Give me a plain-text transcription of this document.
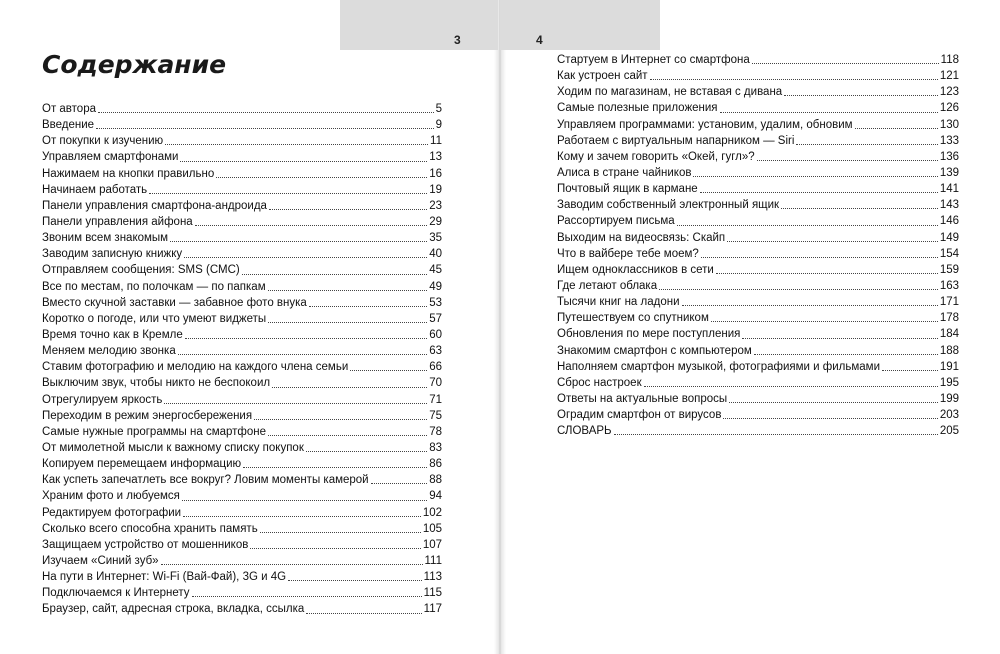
3	4
Содержание
От автора	5
Введение	9
От покупки к изучению	11
Управляем смартфонами	13
Нажимаем на кнопки правильно	16
Начинаем работать	19
Панели управления смартфона-андроида	23
Панели управления айфона	29
Звоним всем знакомым	35
Заводим записную книжку	40
Отправляем сообщения: SMS (СМС)	45
Все по местам, по полочкам — по папкам	49
Вместо скучной заставки — забавное фото внука	53
Коротко о погоде, или что умеют виджеты	57
Время точно как в Кремле	60
Меняем мелодию звонка	63
Ставим фотографию и мелодию на каждого члена семьи	66
Выключим звук, чтобы никто не беспокоил	70
Отрегулируем яркость	71
Переходим в режим энергосбережения	75
Самые нужные программы на смартфоне	78
От мимолетной мысли к важному списку покупок	83
Копируем перемещаем информацию	86
Как успеть запечатлеть все вокруг? Ловим моменты камерой	88
Храним фото и любуемся	94
Редактируем фотографии	102
Сколько всего способна хранить память	105
Защищаем устройство от мошенников	107
Изучаем «Синий зуб»	111
На пути в Интернет: Wi-Fi (Вай-Фай), 3G и 4G	113
Подключаемся к Интернету	115
Браузер, сайт, адресная строка, вкладка, ссылка	117
Стартуем в Интернет со смартфона	118
Как устроен сайт	121
Ходим по магазинам, не вставая с дивана	123
Самые полезные приложения	126
Управляем программами: установим, удалим, обновим	130
Работаем с виртуальным напарником — Siri	133
Кому и зачем говорить «Окей, гугл»?	136
Алиса в стране чайников	139
Почтовый ящик в кармане	141
Заводим собственный электронный ящик	143
Рассортируем письма	146
Выходим на видеосвязь: Скайп	149
Что в вайбере тебе моем?	154
Ищем одноклассников в сети	159
Где летают облака	163
Тысячи книг на ладони	171
Путешествуем со спутником	178
Обновления по мере поступления	184
Знакомим смартфон с компьютером	188
Наполняем смартфон музыкой, фотографиями и фильмами	191
Сброс настроек	195
Ответы на актуальные вопросы	199
Оградим смартфон от вирусов	203
СЛОВАРЬ	205
